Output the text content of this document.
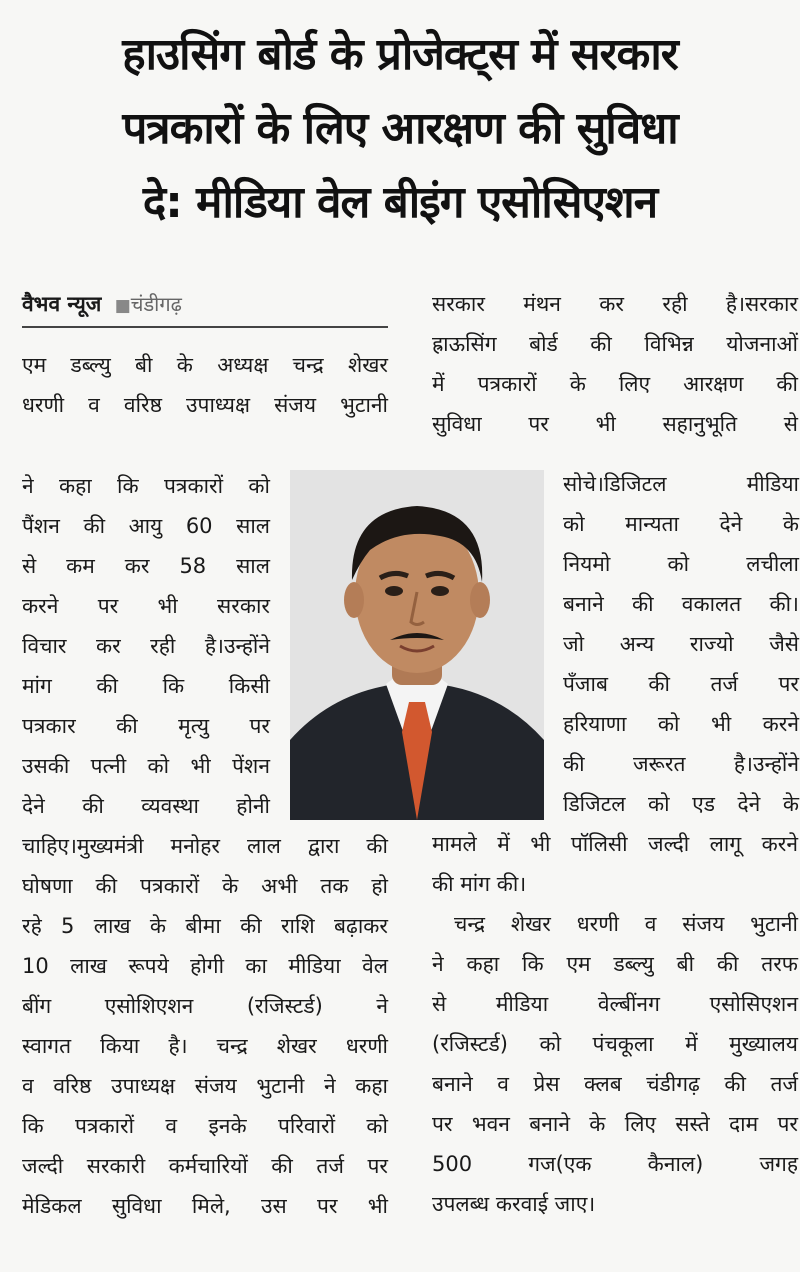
हाउसिंग बोर्ड के प्रोजेक्ट्स में सरकार
पत्रकारों के लिए आरक्षण की सुविधा
दे: मीडिया वेल बीइंग एसोसिएशन
वैभव न्यूज ■चंडीगढ़
एम डब्ल्यु बी के अध्यक्ष चन्द्र शेखर
धरणी व वरिष्ठ उपाध्यक्ष संजय भुटानी
ने कहा कि पत्रकारों को
पैंशन की आयु 60 साल
से कम कर 58 साल
करने पर भी सरकार
विचार कर रही है।उन्होंने
मांग की कि किसी
पत्रकार की मृत्यु पर
उसकी पत्नी को भी पेंशन
देने की व्यवस्था होनी
चाहिए।मुख्यमंत्री मनोहर लाल द्वारा की
घोषणा की पत्रकारों के अभी तक हो
रहे 5 लाख के बीमा की राशि बढ़ाकर
10 लाख रूपये होगी का मीडिया वेल
बींग एसोशिएशन (रजिस्टर्ड) ने
स्वागत किया है। चन्द्र शेखर धरणी
व वरिष्ठ उपाध्यक्ष संजय भुटानी ने कहा
कि पत्रकारों व इनके परिवारों को
जल्दी सरकारी कर्मचारियों की तर्ज पर
मेडिकल सुविधा मिले, उस पर भी
सरकार मंथन कर रही है।सरकार
ह्राऊसिंग बोर्ड की विभिन्न योजनाओं
में पत्रकारों के लिए आरक्षण की
सुविधा पर भी सहानुभूति से
सोचे।डिजिटल मीडिया
को मान्यता देने के
नियमो को लचीला
बनाने की वकालत की।
जो अन्य राज्यो जैसे
पँजाब की तर्ज पर
हरियाणा को भी करने
की जरूरत है।उन्होंने
डिजिटल को एड देने के
मामले में भी पॉलिसी जल्दी लागू करने
की मांग की।
चन्द्र शेखर धरणी व संजय भुटानी
ने कहा कि एम डब्ल्यु बी की तरफ
से मीडिया वेल्बींनग एसोसिएशन
(रजिस्टर्ड) को पंचकूला में मुख्यालय
बनाने व प्रेस क्लब चंडीगढ़ की तर्ज
पर भवन बनाने के लिए सस्ते दाम पर
500 गज(एक कैनाल) जगह
उपलब्ध करवाई जाए।
